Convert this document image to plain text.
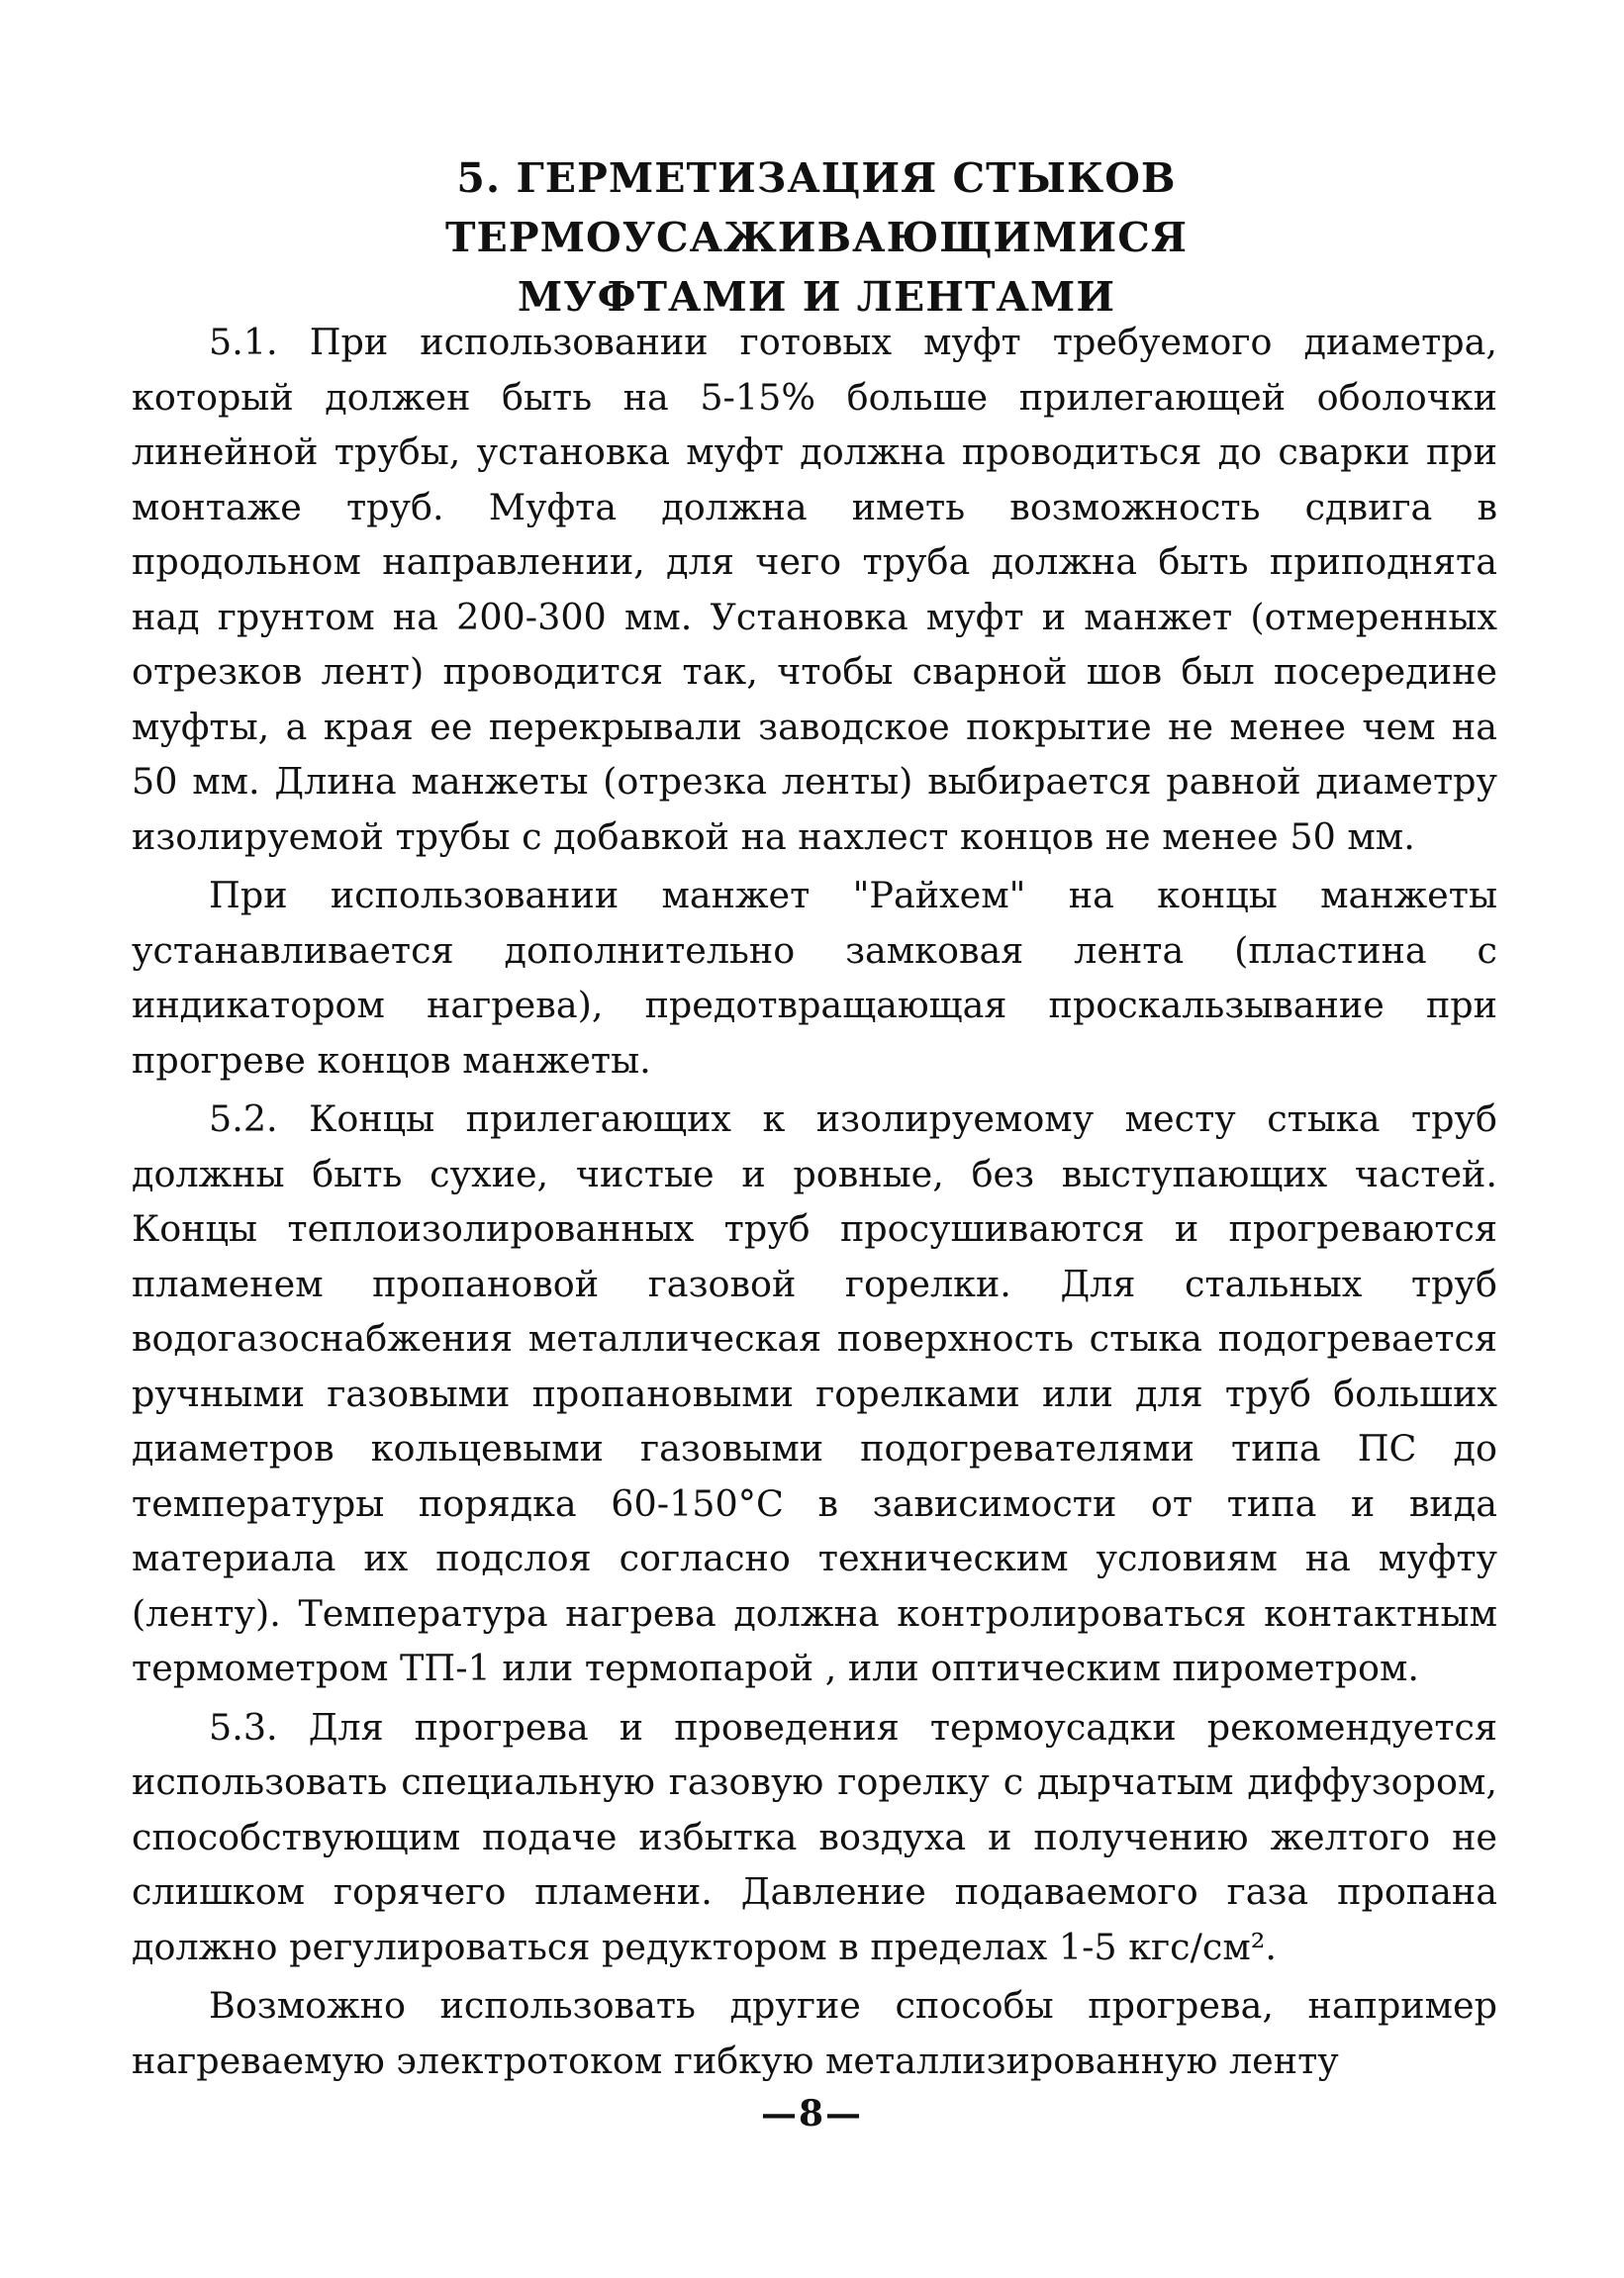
5. ГЕРМЕТИЗАЦИЯ СТЫКОВ ТЕРМОУСАЖИВАЮЩИМИСЯ
МУФТАМИ И ЛЕНТАМИ

5.1. При использовании готовых муфт требуемого диаметра, который должен быть на 5-15% больше прилегающей оболочки линейной трубы, установка муфт должна проводиться до сварки при монтаже труб. Муфта должна иметь возможность сдвига в продольном направлении, для чего труба должна быть приподнята над грунтом на 200-300 мм. Установка муфт и манжет (отмеренных отрезков лент) проводится так, чтобы сварной шов был посередине муфты, а края ее перекрывали заводское покрытие не менее чем на 50 мм. Длина манжеты (отрезка ленты) выбирается равной диаметру изолируемой трубы с добавкой на нахлест концов не менее 50 мм.

При использовании манжет "Райхем" на концы манжеты устанавливается дополнительно замковая лента (пластина с индикатором нагрева), предотвращающая проскальзывание при прогреве концов манжеты.

5.2. Концы прилегающих к изолируемому месту стыка труб должны быть сухие, чистые и ровные, без выступающих частей. Концы теплоизолированных труб просушиваются и прогреваются пламенем пропановой газовой горелки. Для стальных труб водогазоснабжения металлическая поверхность стыка подогревается ручными газовыми пропановыми горелками или для труб больших диаметров кольцевыми газовыми подогревателями типа ПС до температуры порядка 60-150°С в зависимости от типа и вида материала их подслоя согласно техническим условиям на муфту (ленту). Температура нагрева должна контролироваться контактным термометром ТП-1 или термопарой , или оптическим пирометром.

5.3. Для прогрева и проведения термоусадки рекомендуется использовать специальную газовую горелку с дырчатым диффузором, способствующим подаче избытка воздуха и получению желтого не слишком горячего пламени. Давление подаваемого газа пропана должно регулироваться редуктором в пределах 1-5 кгс/см².

Возможно использовать другие способы прогрева, например нагреваемую электротоком гибкую металлизированную ленту

—8—
